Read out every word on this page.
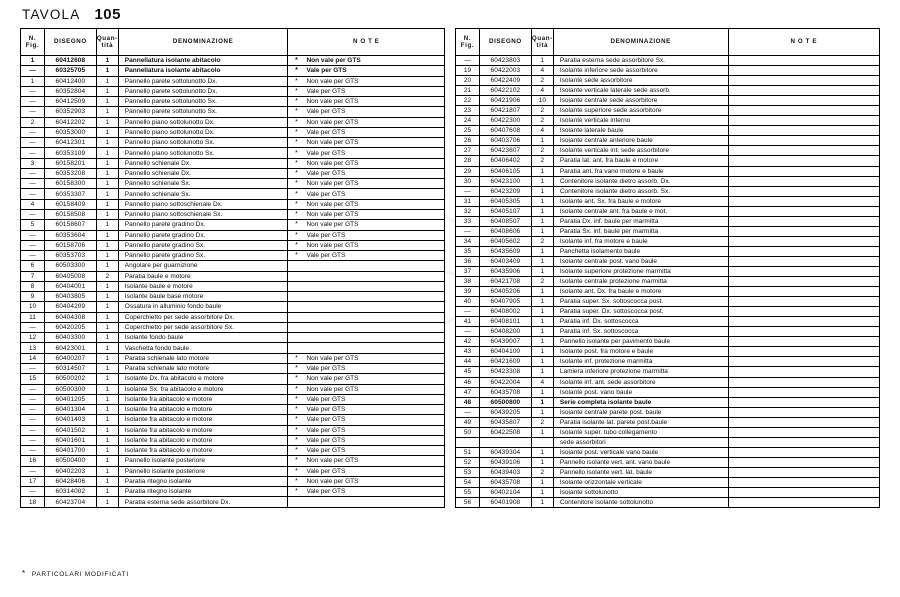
TAVOLA 105
N.
Fig.
	DISEGNO	
Quan-
tità
	DENOMINAZIONE	N O T E
1	60412608	1	Pannellatura isolante abitacolo	* Non vale per GTS

—	60325705	1	Pannellatura isolante abitacolo	* Vale per GTS

1	60412400	1	Pannello parete sottolunotto Dx.	* Non vale per GTS

—	60352804	1	Pannello parete sottolunotto Dx.	* Vale per GTS

—	60412509	1	Pannello parete sottolunotto Sx.	* Non vale per GTS

—	60352903	1	Pannello parete sottolunotto Sx.	* Vale per GTS

2	60412202	1	Pannello piano sottolunotto Dx.	* Non vale per GTS

—	60353000	1	Pannello piano sottolunotto Dx.	* Vale per GTS

—	60412301	1	Pannello piano sottolunotto Sx.	* Non vale per GTS

—	60353109	1	Pannello piano sottolunotto Sx.	* Vale per GTS

3	60158201	1	Pannello schienale Dx.	* Non vale per GTS

—	60353208	1	Pannello schienale Dx.	* Vale per GTS

—	60158300	1	Pannello schienale Sx.	* Non vale per GTS

—	60353307	1	Pannello schienale Sx.	* Vale per GTS

4	60158409	1	Pannello piano sottoschienale Dx.	* Non vale per GTS

—	60158508	1	Pannello piano sottoschienale Sx.	* Non vale per GTS

5	60158607	1	Pannello parete gradino Dx.	* Non vale per GTS

—	60353604	1	Pannello parete gradino Dx.	* Vale per GTS

—	60158706	1	Pannello parete gradino Sx.	* Non vale per GTS

—	60353703	1	Pannello parete gradino Sx.	* Vale per GTS

6	60503300	1	Angolare per guarnizione	

7	60405008	2	Paratia baule e motore	

8	60404001	1	Isolante baule e motore	

9	60403805	1	Isolante baule base motore	

10	60404209	1	Ossatura in alluminio fondo baule	

11	60404308	1	Coperchietto per sede assorbitore Dx.	

—	60420205	1	Coperchietto per sede assorbitore Sx.	

12	60403300	1	Isolante fondo baule	

13	60423001	1	Vaschetta fondo baule	

14	60400207	1	Paratia schienale lato motore	* Non vale per GTS

—	60314507	1	Paratia schienale lato motore	* Vale per GTS

15	60500202	1	Isolante Dx. fra abitacolo e motore	* Non vale per GTS

—	60500300	1	Isolante Sx. fra abitacolo e motore	* Non vale per GTS

—	60401205	1	Isolante fra abitacolo e motore	* Vale per GTS

—	60401304	1	Isolante fra abitacolo e motore	* Vale per GTS

—	60401403	1	Isolante fra abitacolo e motore	* Vale per GTS

—	60401502	1	Isolante fra abitacolo e motore	* Vale per GTS

—	60401601	1	Isolante fra abitacolo e motore	* Vale per GTS

—	60401700	1	Isolante fra abitacolo e motore	* Vale per GTS

16	60500400	1	Pannello isolante posteriore	* Non vale per GTS

—	60402203	1	Pannello isolante posteriore	* Vale per GTS

17	60428406	1	Paratia ritegno isolante	* Non vale per GTS

—	60314002	1	Paratia ritegno isolante	* Vale per GTS

18	60423704	1	Paratia esterna sede assorbitore Dx.	
N.
Fig.
	DISEGNO	
Quan-
tità
	DENOMINAZIONE	N O T E
—	60423803	1	Paratia esterna sede assorbitore Sx.	

19	60422003	4	Isolante inferiore sede assorbitore	

20	60422409	2	Isolante sede assorbitore	

21	60422102	4	Isolante verticale laterale sede assorb.	

22	60421906	10	Isolante centrale sede assorbitore	

23	60421807	2	Isolante superiore sede assorbitore	

24	60422300	2	Isolante verticale interno	

25	60407608	4	Isolante laterale baule	

26	60403706	1	Isolante centrale anteriore baule	

27	60423607	2	Isolante verticale int. sede assorbitore	

28	60406402	2	Paratia lat. ant. fra baule e motore	

29	60406105	1	Paratia ant. fra vano motore e baule	

30	60423100	1	Contenitore isolante dietro assorb. Dx.	

—	60423209	1	Contenitore isolante dietro assorb. Sx.	

31	60405305	1	Isolante ant. Sx. fra baule e motore	

32	60405107	1	Isolante centrale ant. fra baule e mot.	

33	60408507	1	Paratia Dx. inf. baule per marmitta	

—	60408606	1	Paratia Sx. inf. baule per marmitta	

34	60405602	2	Isolante inf. fra motore e baule	

35	60435609	1	Panchetta isolamento baule	

36	60403409	1	Isolante centrale post. vano baule	

37	60435906	1	Isolante superiore protezione marmitta	

38	60421708	2	Isolante centrale protezione marmitta	

39	60405206	1	Isolante ant. Dx. fra baule e motore	

40	60407905	1	Paratia super. Sx. sottoscocca post.	

—	60408002	1	Paratia super. Dx. sottoscocca post.	

41	60408101	1	Paratia inf. Dx. sottoscocca	

—	60408200	1	Paratia inf. Sx. sottoscocca	

42	60439007	1	Pannello isolante per pavimento baule	

43	60404100	1	Isolante post. fra motore e baule	

44	60421609	1	Isolante inf. protezione marmitta	

45	60423308	1	Lamiera inferiore protezione marmitta	

46	60422004	4	Isolante inf. ant. sede assorbitore	

47	60435708	1	Isolante post. vano baule	

48	60500800	1	Serie completa isolante baule	

—	60439205	1	Isolante centrale parete post. baule	

49	60435807	2	Paratia isolante lat. parete post.baule	

50	60422508	1	Isolante super. tubo collegamento	

			sede assorbitori	

51	60439304	1	Isolante post. verticale vano baule	

52	60439106	1	Pannello isolante vert. ant. vano baule	

53	60439403	2	Pannello isolante vert. lat. baule	

54	60435708	1	Isolante orizzontale verticale	

55	60402104	1	Isolante sottolunotto	

56	60401908	1	Contenitore isolante sottolunotto	
* PARTICOLARI MODIFICATI
